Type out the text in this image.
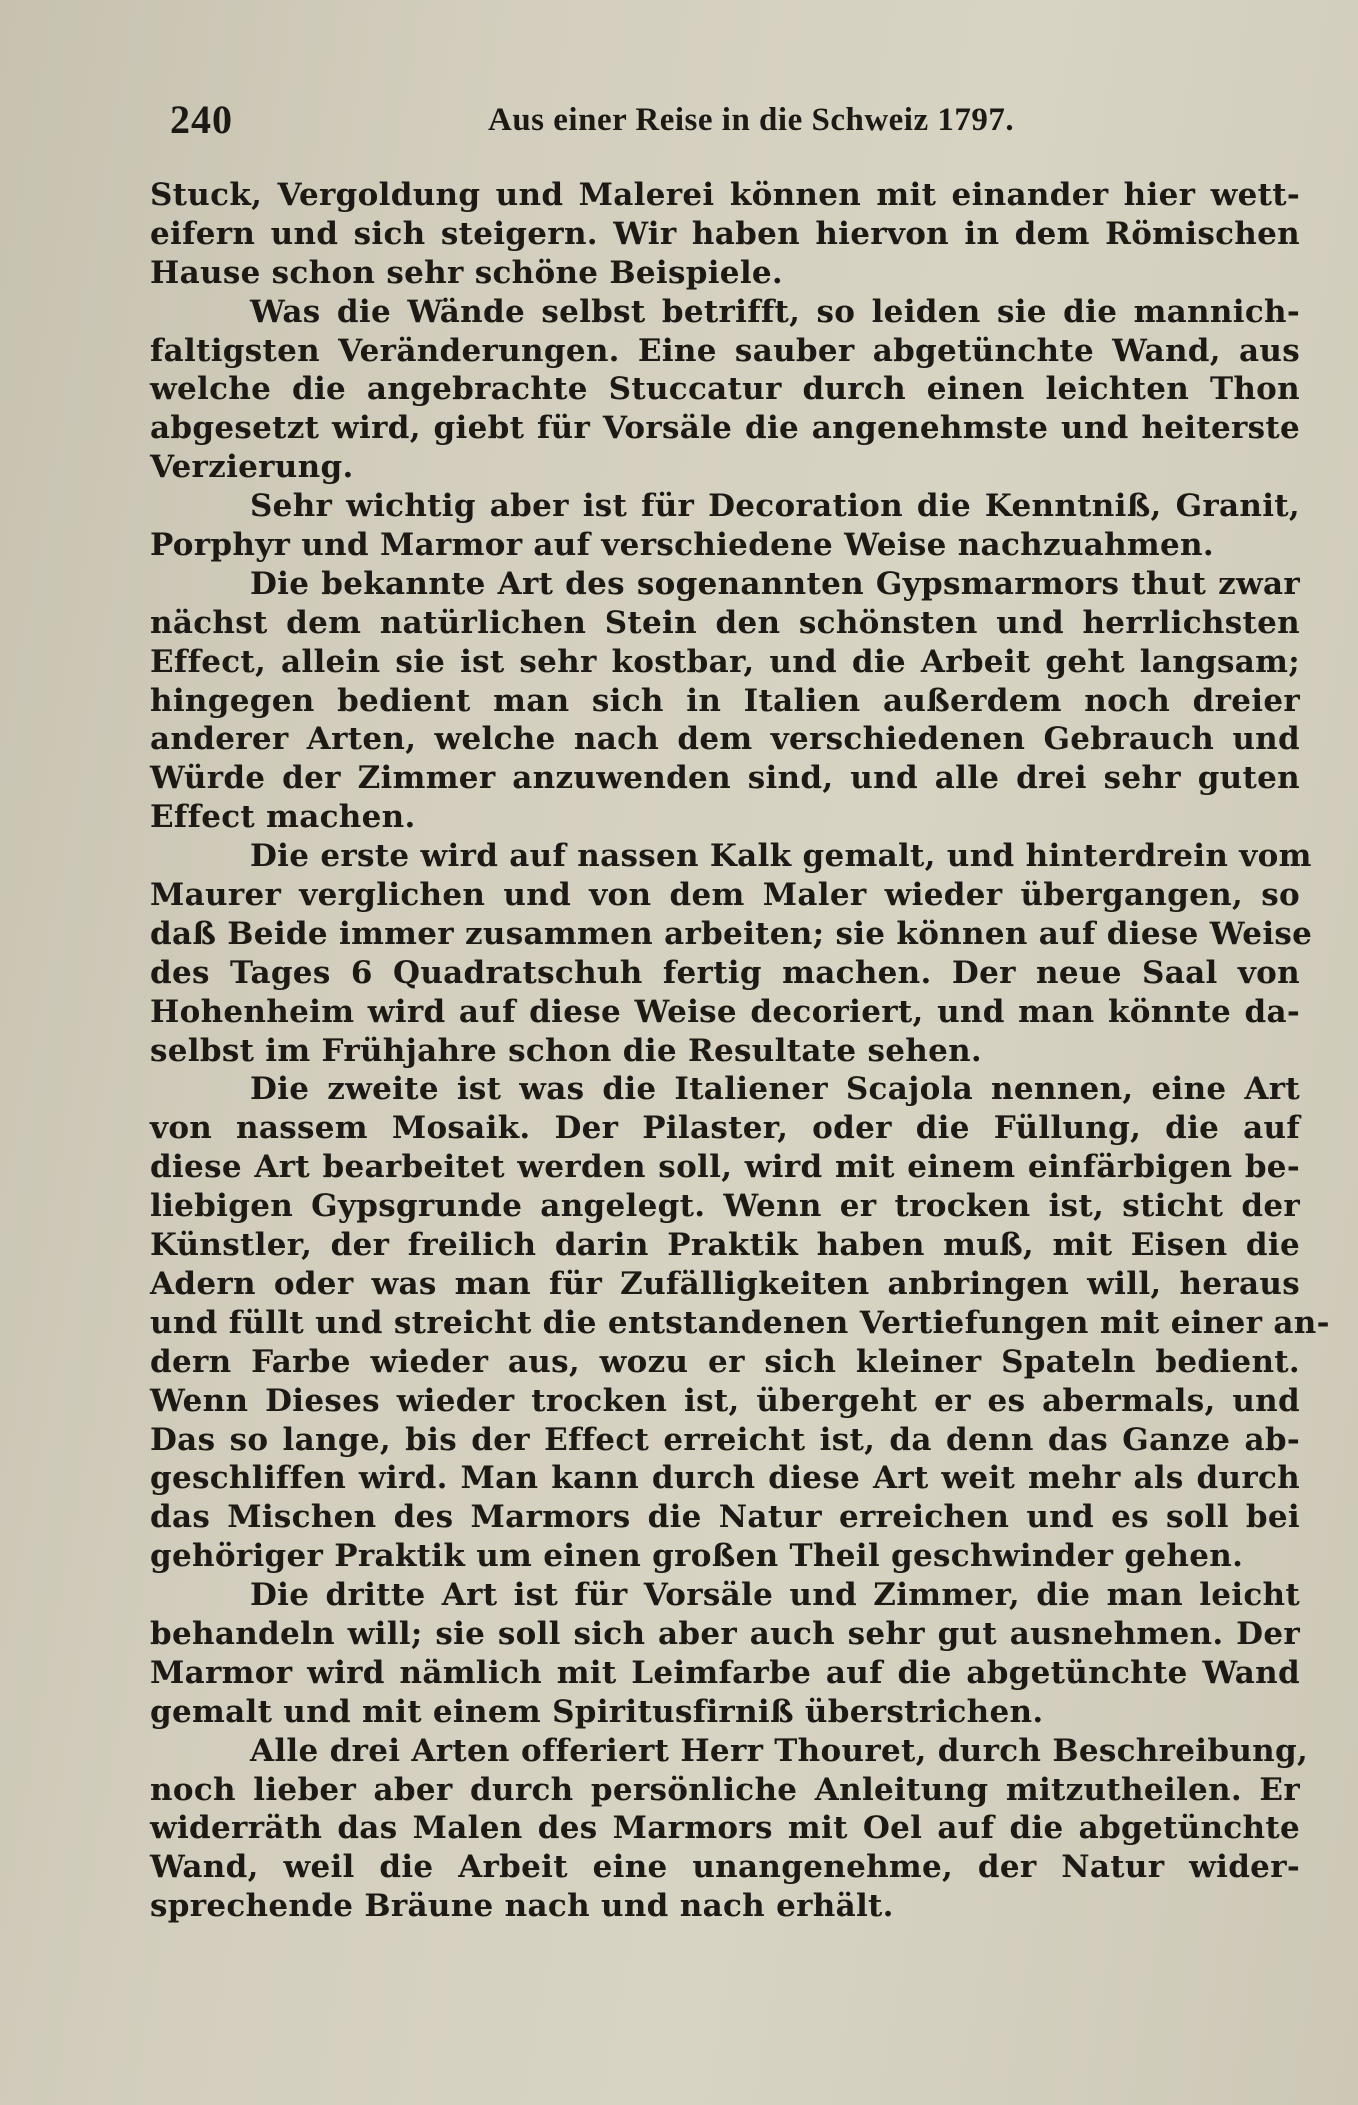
240	Aus einer Reise in die Schweiz 1797.
Stuck, Vergoldung und Malerei können mit einander hier wett-
eifern und sich steigern. Wir haben hiervon in dem Römischen
Hause schon sehr schöne Beispiele.
Was die Wände selbst betrifft, so leiden sie die mannich-
faltigsten Veränderungen. Eine sauber abgetünchte Wand, aus
welche die angebrachte Stuccatur durch einen leichten Thon
abgesetzt wird, giebt für Vorsäle die angenehmste und heiterste
Verzierung.
Sehr wichtig aber ist für Decoration die Kenntniß, Granit,
Porphyr und Marmor auf verschiedene Weise nachzuahmen.
Die bekannte Art des sogenannten Gypsmarmors thut zwar
nächst dem natürlichen Stein den schönsten und herrlichsten
Effect, allein sie ist sehr kostbar, und die Arbeit geht langsam;
hingegen bedient man sich in Italien außerdem noch dreier
anderer Arten, welche nach dem verschiedenen Gebrauch und
Würde der Zimmer anzuwenden sind, und alle drei sehr guten
Effect machen.
Die erste wird auf nassen Kalk gemalt, und hinterdrein vom
Maurer verglichen und von dem Maler wieder übergangen, so
daß Beide immer zusammen arbeiten; sie können auf diese Weise
des Tages 6 Quadratschuh fertig machen. Der neue Saal von
Hohenheim wird auf diese Weise decoriert, und man könnte da-
selbst im Frühjahre schon die Resultate sehen.
Die zweite ist was die Italiener Scajola nennen, eine Art
von nassem Mosaik. Der Pilaster, oder die Füllung, die auf
diese Art bearbeitet werden soll, wird mit einem einfärbigen be-
liebigen Gypsgrunde angelegt. Wenn er trocken ist, sticht der
Künstler, der freilich darin Praktik haben muß, mit Eisen die
Adern oder was man für Zufälligkeiten anbringen will, heraus
und füllt und streicht die entstandenen Vertiefungen mit einer an-
dern Farbe wieder aus, wozu er sich kleiner Spateln bedient.
Wenn Dieses wieder trocken ist, übergeht er es abermals, und
Das so lange, bis der Effect erreicht ist, da denn das Ganze ab-
geschliffen wird. Man kann durch diese Art weit mehr als durch
das Mischen des Marmors die Natur erreichen und es soll bei
gehöriger Praktik um einen großen Theil geschwinder gehen.
Die dritte Art ist für Vorsäle und Zimmer, die man leicht
behandeln will; sie soll sich aber auch sehr gut ausnehmen. Der
Marmor wird nämlich mit Leimfarbe auf die abgetünchte Wand
gemalt und mit einem Spiritusfirniß überstrichen.
Alle drei Arten offeriert Herr Thouret, durch Beschreibung,
noch lieber aber durch persönliche Anleitung mitzutheilen. Er
widerräth das Malen des Marmors mit Oel auf die abgetünchte
Wand, weil die Arbeit eine unangenehme, der Natur wider-
sprechende Bräune nach und nach erhält.
